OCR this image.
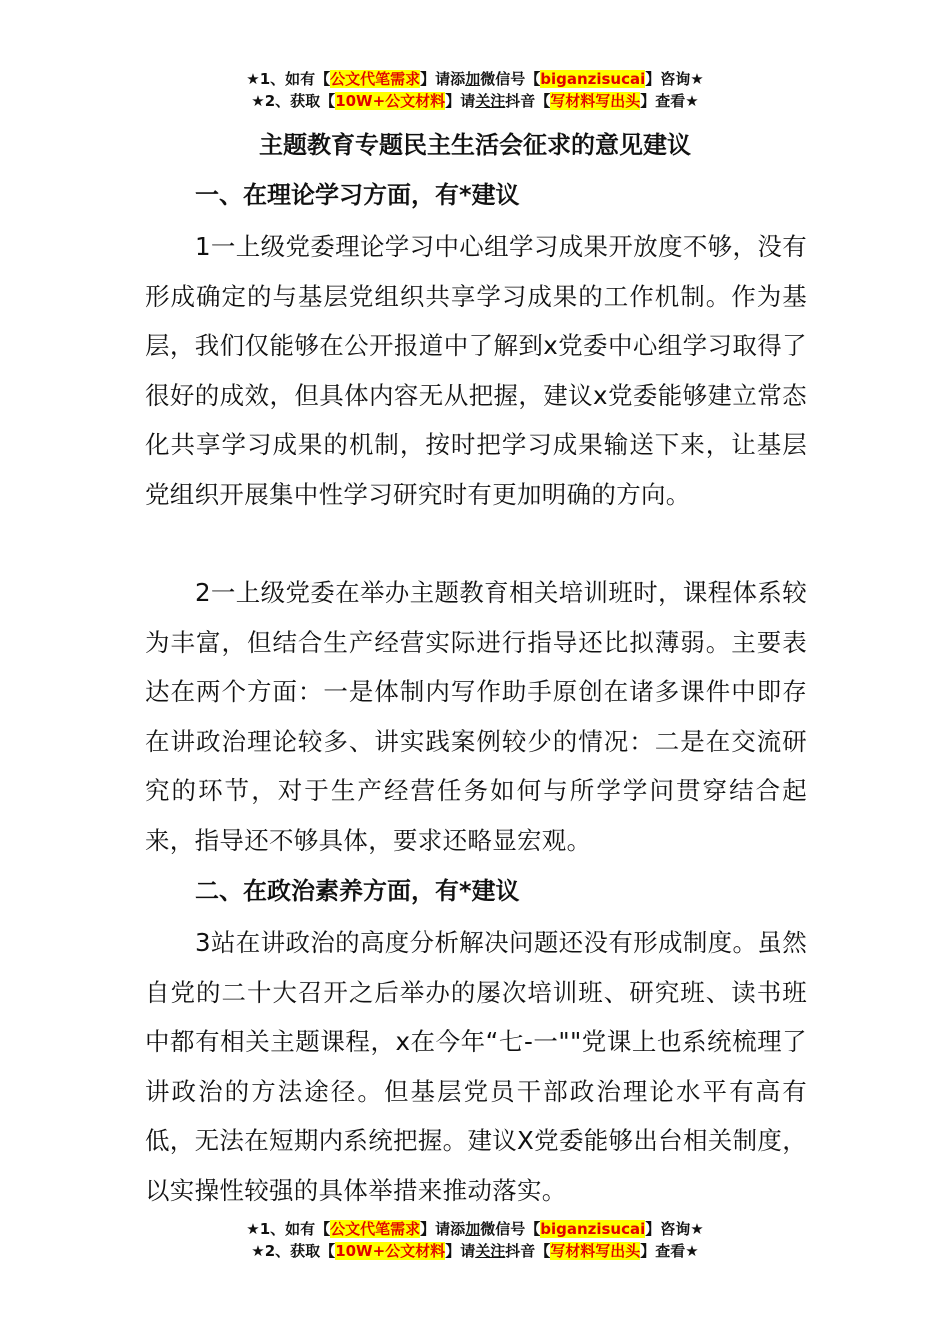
★1、如有【公文代笔需求】请添加微信号【biganzisucai】咨询★
★2、获取【10W+公文材料】请关注抖音【写材料写出头】查看★
主题教育专题民主生活会征求的意见建议
一、在理论学习方面，有*建议
1一上级党委理论学习中心组学习成果开放度不够，没有形成确定的与基层党组织共享学习成果的工作机制。作为基层，我们仅能够在公开报道中了解到x党委中心组学习取得了很好的成效，但具体内容无从把握，建议x党委能够建立常态化共享学习成果的机制，按时把学习成果输送下来，让基层党组织开展集中性学习研究时有更加明确的方向。
2一上级党委在举办主题教育相关培训班时，课程体系较为丰富，但结合生产经营实际进行指导还比拟薄弱。主要表达在两个方面：一是体制内写作助手原创在诸多课件中即存在讲政治理论较多、讲实践案例较少的情况：二是在交流研究的环节，对于生产经营任务如何与所学学问贯穿结合起来，指导还不够具体，要求还略显宏观。
二、在政治素养方面，有*建议
3站在讲政治的高度分析解决问题还没有形成制度。虽然自党的二十大召开之后举办的屡次培训班、研究班、读书班中都有相关主题课程，x在今年“七-一""党课上也系统梳理了讲政治的方法途径。但基层党员干部政治理论水平有高有低，无法在短期内系统把握。建议X党委能够出台相关制度，以实操性较强的具体举措来推动落实。
★1、如有【公文代笔需求】请添加微信号【biganzisucai】咨询★
★2、获取【10W+公文材料】请关注抖音【写材料写出头】查看★
